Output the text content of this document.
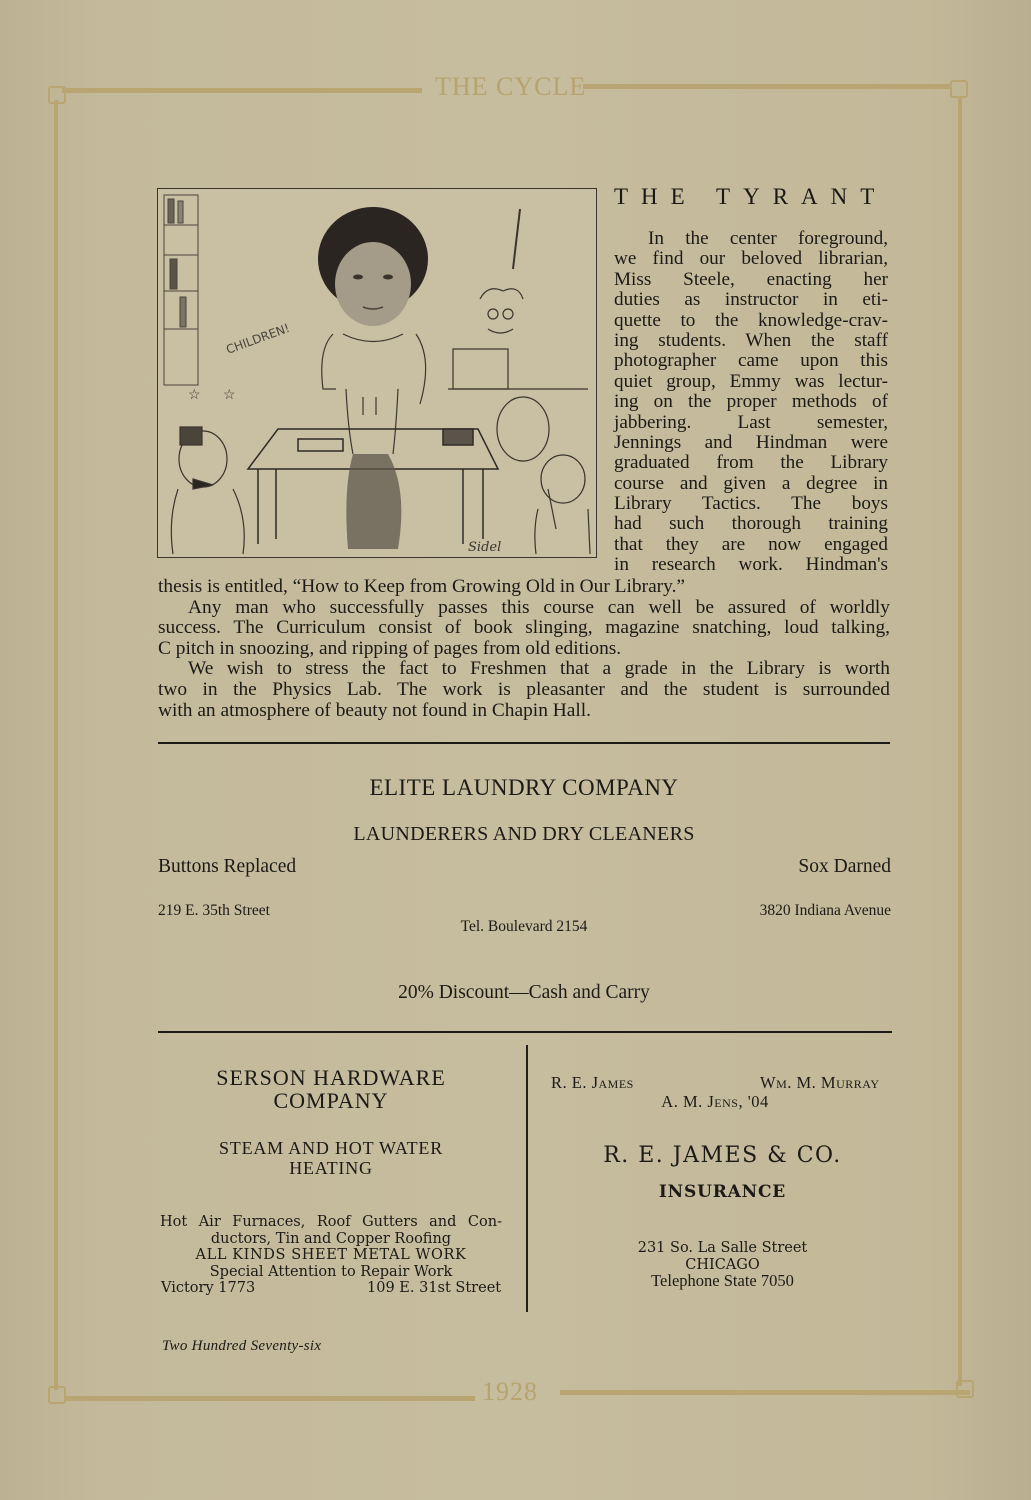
THE CYCLE
1928
☆ ☆
CHILDREN!
Sidel
THE TYRANT
In the center foreground,
we find our beloved librarian,
Miss Steele, enacting her
duties as instructor in eti-
quette to the knowledge-crav-
ing students. When the staff
photographer came upon this
quiet group, Emmy was lectur-
ing on the proper methods of
jabbering. Last semester,
Jennings and Hindman were
graduated from the Library
course and given a degree in
Library Tactics. The boys
had such thorough training
that they are now engaged
in research work. Hindman's
thesis is entitled, “How to Keep from Growing Old in Our Library.”
Any man who successfully passes this course can well be assured of worldly
success. The Curriculum consist of book slinging, magazine snatching, loud talking,
C pitch in snoozing, and ripping of pages from old editions.
We wish to stress the fact to Freshmen that a grade in the Library is worth
two in the Physics Lab. The work is pleasanter and the student is surrounded
with an atmosphere of beauty not found in Chapin Hall.
ELITE LAUNDRY COMPANY
LAUNDERERS AND DRY CLEANERS
Buttons Replaced	Sox Darned
219 E. 35th Street	3820 Indiana Avenue
Tel. Boulevard 2154
20% Discount—Cash and Carry
SERSON HARDWARE
COMPANY
STEAM AND HOT WATER
HEATING
Hot Air Furnaces, Roof Gutters and Con-
ductors, Tin and Copper Roofing
ALL KINDS SHEET METAL WORK
Special Attention to Repair Work
Victory 1773	109 E. 31st Street
R. E. James	Wm. M. Murray
A. M. Jens, '04
R. E. JAMES & CO.
INSURANCE
231 So. La Salle Street
CHICAGO
Telephone State 7050
Two Hundred Seventy-six
